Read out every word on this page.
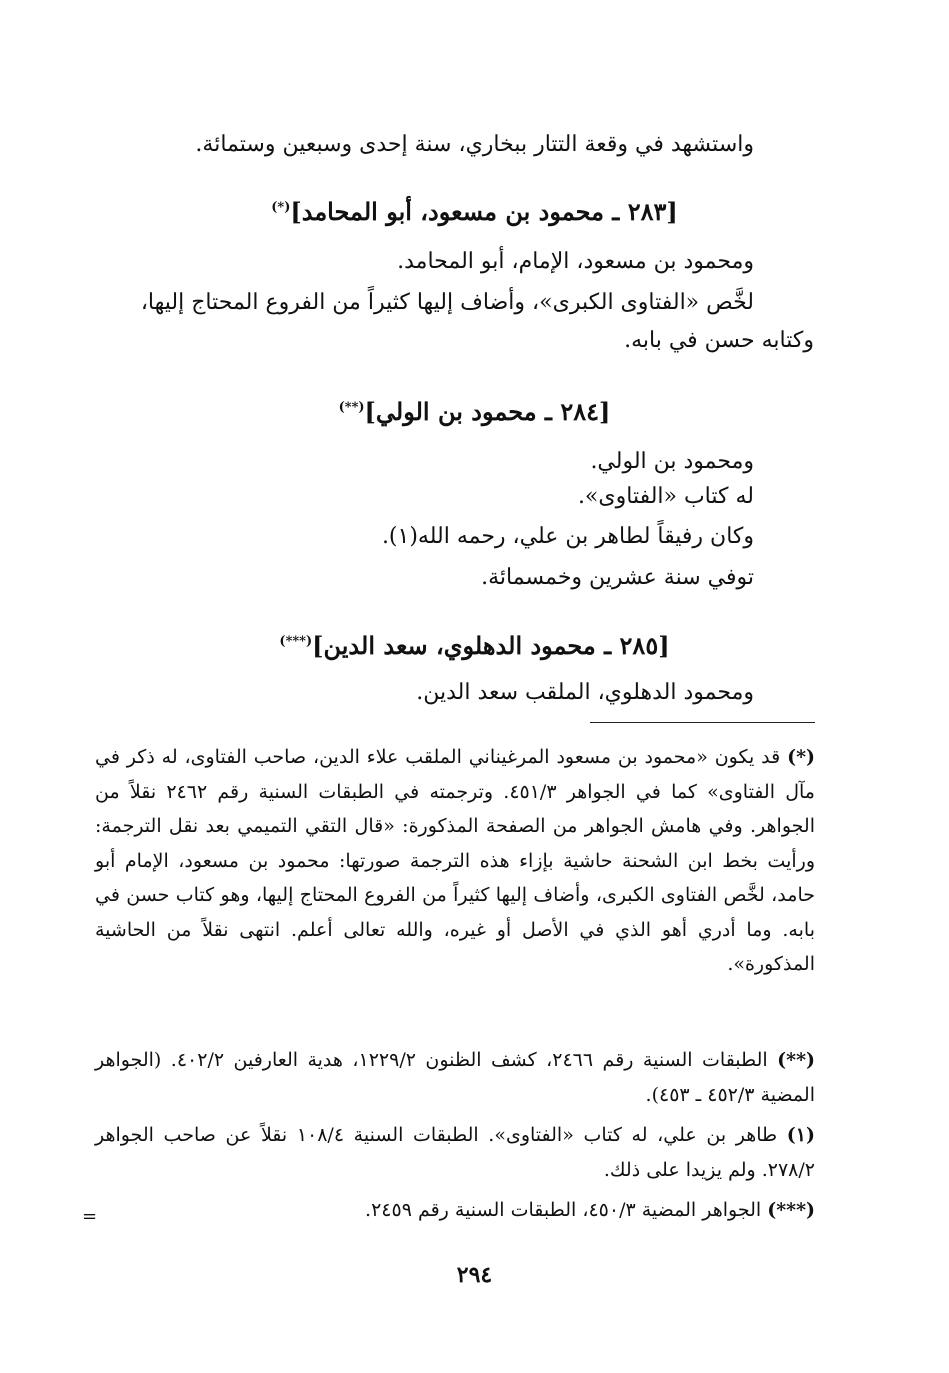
واستشهد في وقعة التتار ببخاري، سنة إحدى وسبعين وستمائة.
[٢٨٣ ـ محمود بن مسعود، أبو المحامد](*)
ومحمود بن مسعود، الإمام، أبو المحامد.
لخَّص «الفتاوى الكبرى»، وأضاف إليها كثيراً من الفروع المحتاج إليها،
وكتابه حسن في بابه.
[٢٨٤ ـ محمود بن الولي](**)
ومحمود بن الولي.
له كتاب «الفتاوى».
وكان رفيقاً لطاهر بن علي، رحمه الله(١).
توفي سنة عشرين وخمسمائة.
[٢٨٥ ـ محمود الدهلوي، سعد الدين](***)
ومحمود الدهلوي، الملقب سعد الدين.
(*) قد يكون «محمود بن مسعود المرغيناني الملقب علاء الدين، صاحب الفتاوى، له ذكر في مآل الفتاوى» كما في الجواهر ٤٥١/٣. وترجمته في الطبقات السنية رقم ٢٤٦٢ نقلاً من الجواهر. وفي هامش الجواهر من الصفحة المذكورة: «قال التقي التميمي بعد نقل الترجمة: ورأيت بخط ابن الشحنة حاشية بإزاء هذه الترجمة صورتها: محمود بن مسعود، الإمام أبو حامد، لخَّص الفتاوى الكبرى، وأضاف إليها كثيراً من الفروع المحتاج إليها، وهو كتاب حسن في بابه. وما أدري أهو الذي في الأصل أو غيره، والله تعالى أعلم. انتهى نقلاً من الحاشية المذكورة».
(**) الطبقات السنية رقم ٢٤٦٦، كشف الظنون ١٢٢٩/٢، هدية العارفين ٤٠٢/٢. (الجواهر المضية ٤٥٢/٣ ـ ٤٥٣).
(١) طاهر بن علي، له كتاب «الفتاوى». الطبقات السنية ١٠٨/٤ نقلاً عن صاحب الجواهر ٢٧٨/٢. ولم يزيدا على ذلك.
(***) الجواهر المضية ٤٥٠/٣، الطبقات السنية رقم ٢٤٥٩.
=
٢٩٤
